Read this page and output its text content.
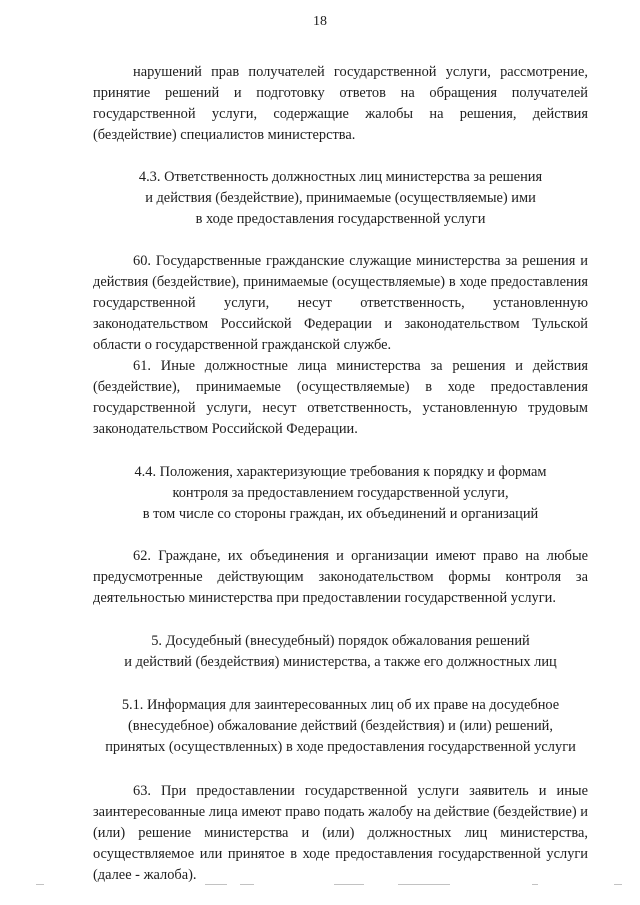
18

нарушений прав получателей государственной услуги, рассмотрение, принятие решений и подготовку ответов на обращения получателей государственной услуги, содержащие жалобы на решения, действия (бездействие) специалистов министерства.

4.3. Ответственность должностных лиц министерства за решения
и действия (бездействие), принимаемые (осуществляемые) ими
в ходе предоставления государственной услуги

60. Государственные гражданские служащие министерства за решения и действия (бездействие), принимаемые (осуществляемые) в ходе предоставления государственной услуги, несут ответственность, установленную законодательством Российской Федерации и законодательством Тульской области о государственной гражданской службе.

61. Иные должностные лица министерства за решения и действия (бездействие), принимаемые (осуществляемые) в ходе предоставления государственной услуги, несут ответственность, установленную трудовым законодательством Российской Федерации.

4.4. Положения, характеризующие требования к порядку и формам
контроля за предоставлением государственной услуги,
в том числе со стороны граждан, их объединений и организаций

62. Граждане, их объединения и организации имеют право на любые предусмотренные действующим законодательством формы контроля за деятельностью министерства при предоставлении государственной услуги.

5. Досудебный (внесудебный) порядок обжалования решений
и действий (бездействия) министерства, а также его должностных лиц

5.1. Информация для заинтересованных лиц об их праве на досудебное
(внесудебное) обжалование действий (бездействия) и (или) решений,
принятых (осуществленных) в ходе предоставления государственной услуги

63. При предоставлении государственной услуги заявитель и иные заинтересованные лица имеют право подать жалобу на действие (бездействие) и (или) решение министерства и (или) должностных лиц министерства, осуществляемое или принятое в ходе предоставления государственной услуги (далее - жалоба).
